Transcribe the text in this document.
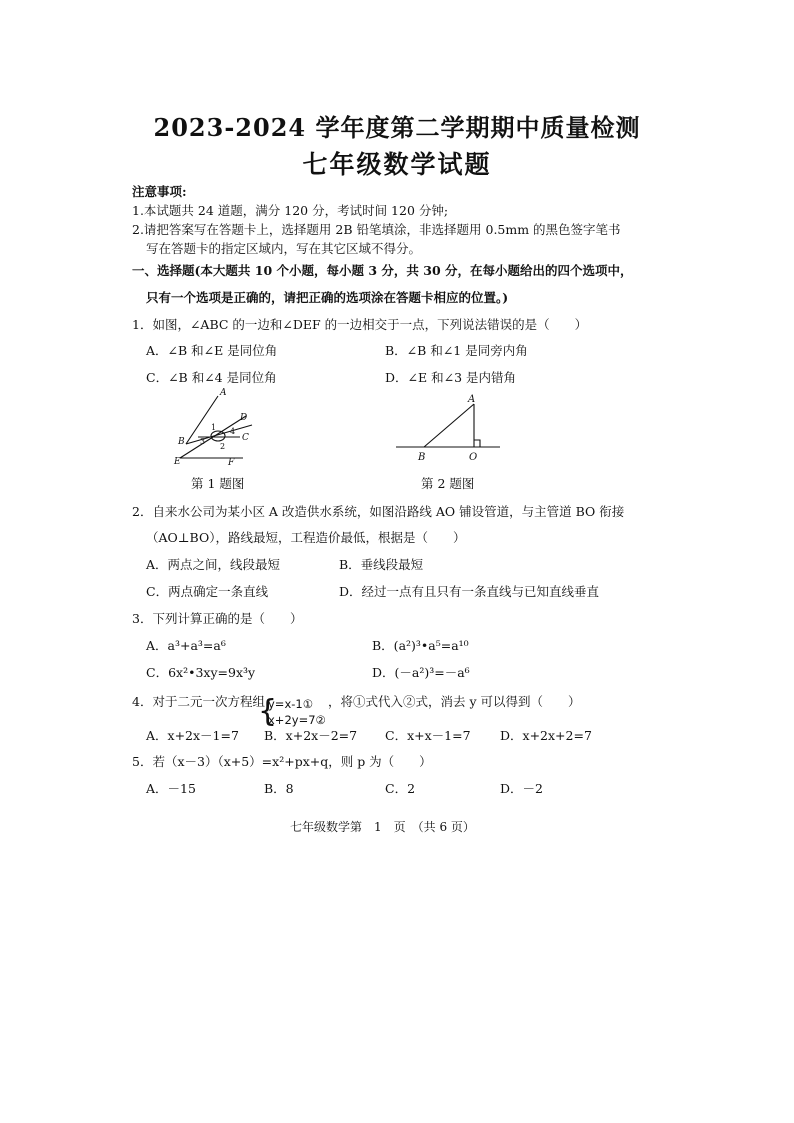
2023-2024 学年度第二学期期中质量检测
七年级数学试题
注意事项:
1.本试题共 24 道题，满分 120 分，考试时间 120 分钟;
2.请把答案写在答题卡上，选择题用 2B 铅笔填涂，非选择题用 0.5mm 的黑色签字笔书
写在答题卡的指定区域内，写在其它区域不得分。
一、选择题(本大题共 10 个小题，每小题 3 分，共 30 分，在每小题给出的四个选项中，
只有一个选项是正确的，请把正确的选项涂在答题卡相应的位置。)
1．如图，∠ABC 的一边和∠DEF 的一边相交于一点，下列说法错误的是（　　）
A．∠B 和∠E 是同位角	B．∠B 和∠1 是同旁内角
C．∠B 和∠4 是同位角	D．∠E 和∠3 是内错角
A
D
B	C
E	F
1
2
3
4
第 1 题图
A
B	O
第 2 题图
2．自来水公司为某小区 A 改造供水系统，如图沿路线 AO 铺设管道，与主管道 BO 衔接
（AO⊥BO），路线最短，工程造价最低，根据是（　　）
A．两点之间，线段最短	B．垂线段最短
C．两点确定一条直线	D．经过一点有且只有一条直线与已知直线垂直
3．下列计算正确的是（　　）
A．a³+a³=a⁶	B．(a²)³•a⁵=a¹⁰
C．6x²•3xy=9x³y	D．(－a²)³=－a⁶
4．对于二元一次方程组
{
y=x-1①
x+2y=7②
，将①式代入②式，消去 y 可以得到（　　）
A．x+2x－1=7 B．x+2x－2=7 C．x+x－1=7 D．x+2x+2=7
5．若（x－3）（x+5）=x²+px+q，则 p 为（　　）
A．－15	B．8	C．2	D．－2
七年级数学第　1　页　（共 6 页）
